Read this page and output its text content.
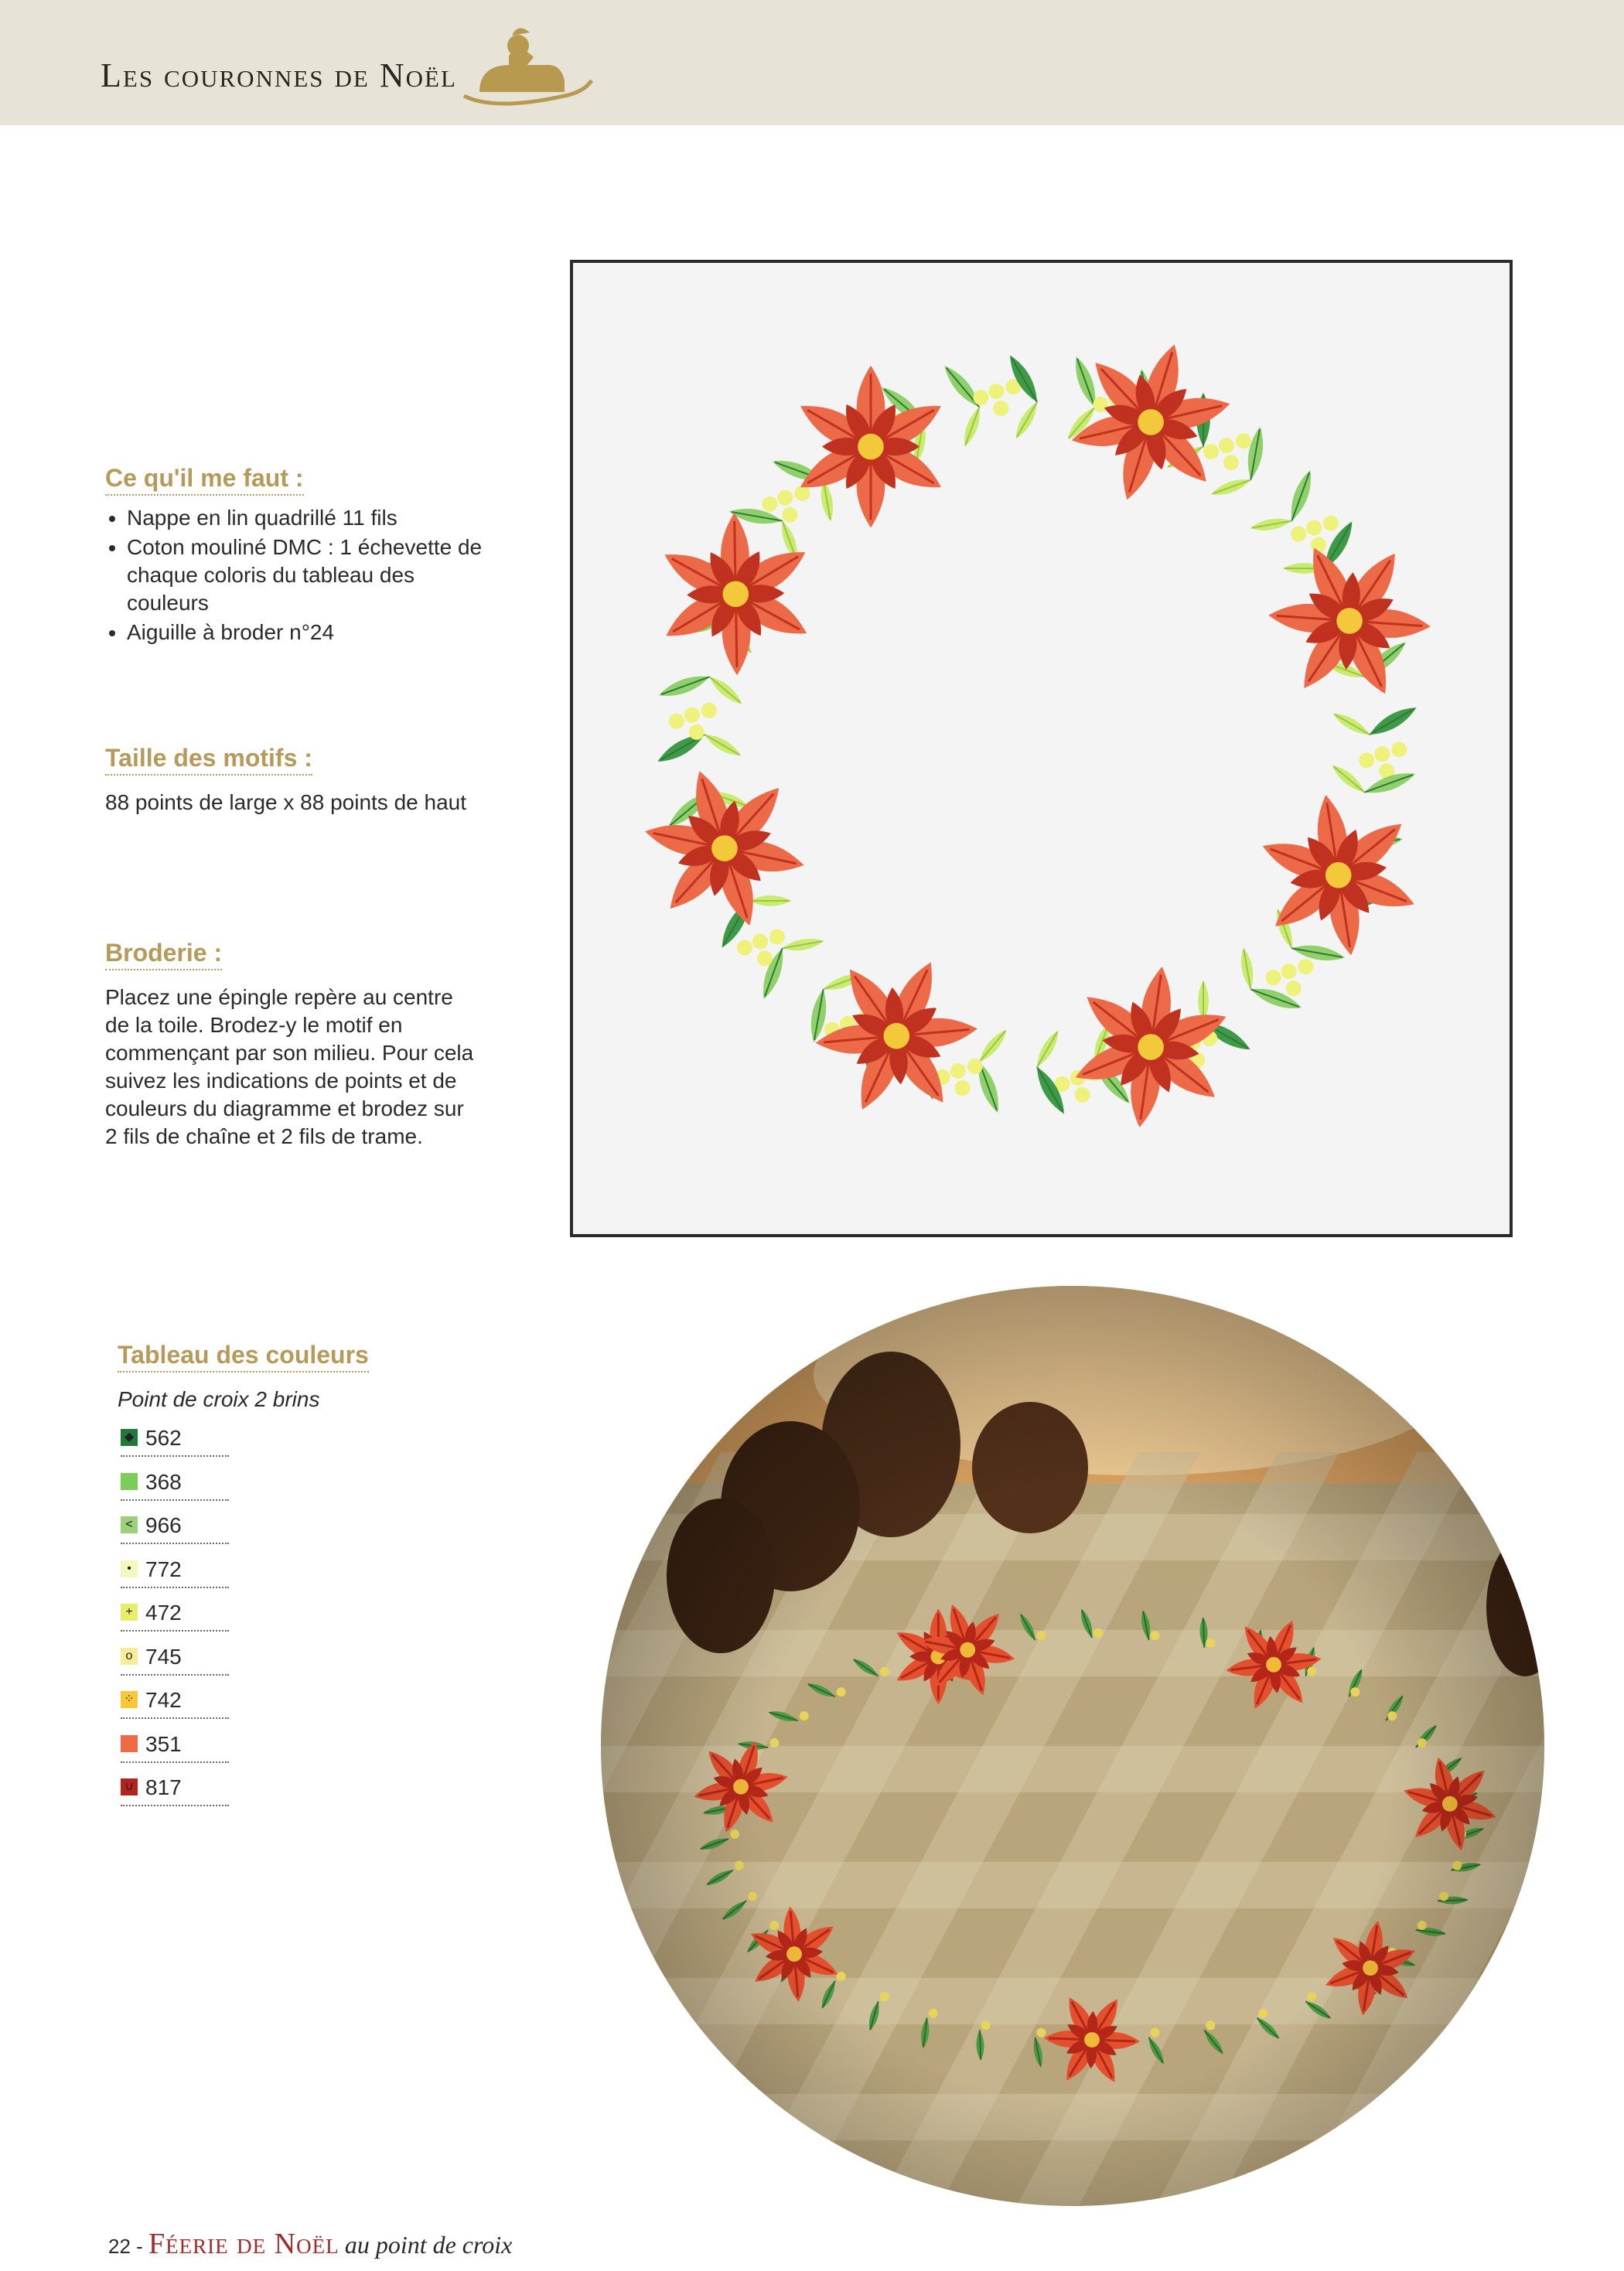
Les couronnes de Noël
Ce qu'il me faut :
• Nappe en lin quadrillé 11 fils
• Coton mouliné DMC : 1 échevette de chaque coloris du tableau des couleurs
• Aiguille à broder n°24
Taille des motifs :
88 points de large x 88 points de haut
Broderie :
Placez une épingle repère au centre de la toile. Brodez-y le motif en commençant par son milieu. Pour cela suivez les indications de points et de couleurs du diagramme et brodez sur 2 fils de chaîne et 2 fils de trame.
Tableau des couleurs
Point de croix 2 brins
◆ 562
368
< 966
• 772
+ 472
o 745
⁘ 742
351
∪ 817
22 - Féerie de Noël au point de croix
